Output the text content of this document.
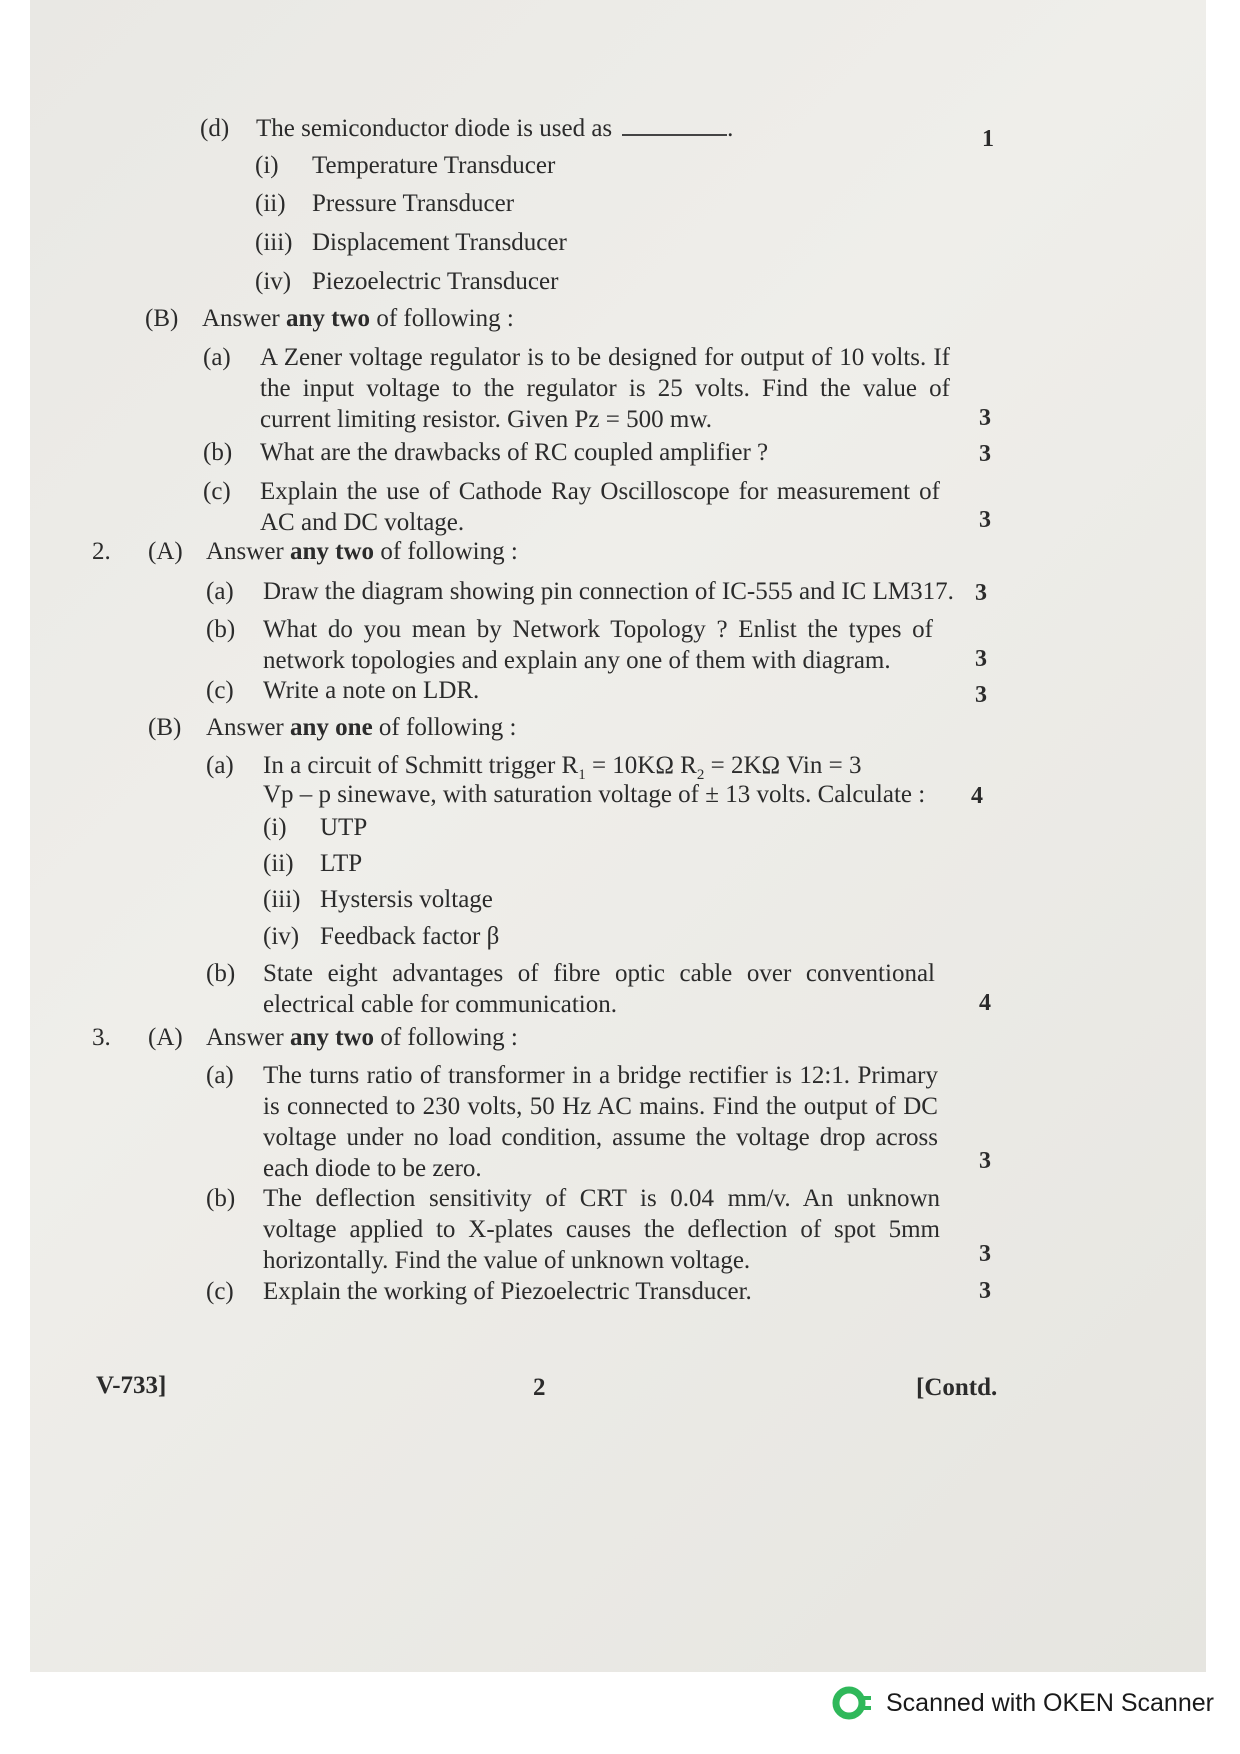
(d) The semiconductor diode is used as	.	1
(i) Temperature Transducer
(ii) Pressure Transducer
(iii) Displacement Transducer
(iv) Piezoelectric Transducer
(B) Answer any two of following :
(a) A Zener voltage regulator is to be designed for output of 10 volts. If the input voltage to the regulator is 25 volts. Find the value of current limiting resistor. Given Pz = 500 mw.	3
(b) What are the drawbacks of RC coupled amplifier ?	3
(c) Explain the use of Cathode Ray Oscilloscope for measurement of AC and DC voltage.	3
2. (A) Answer any two of following :
(a) Draw the diagram showing pin connection of IC-555 and IC LM317. 3
(b) What do you mean by Network Topology ? Enlist the types of network topologies and explain any one of them with diagram.	3
(c) Write a note on LDR.	3
(B) Answer any one of following :
(a) In a circuit of Schmitt trigger $R_1 = 10K\Omega$ $R_2 = 2K\Omega$ Vin = 3
Vp – p sinewave, with saturation voltage of ± 13 volts. Calculate :	4
(i) UTP
(ii) LTP
(iii) Hystersis voltage
(iv) Feedback factor β
(b) State eight advantages of fibre optic cable over conventional electrical cable for communication.	4
3. (A) Answer any two of following :
(a) The turns ratio of transformer in a bridge rectifier is 12:1. Primary is connected to 230 volts, 50 Hz AC mains. Find the output of DC voltage under no load condition, assume the voltage drop across each diode to be zero.	3
(b) The deflection sensitivity of CRT is 0.04 mm/v. An unknown voltage applied to X-plates causes the deflection of spot 5mm horizontally. Find the value of unknown voltage.	3
(c) Explain the working of Piezoelectric Transducer.	3
V-733]	2	[Contd.
Scanned with OKEN Scanner
